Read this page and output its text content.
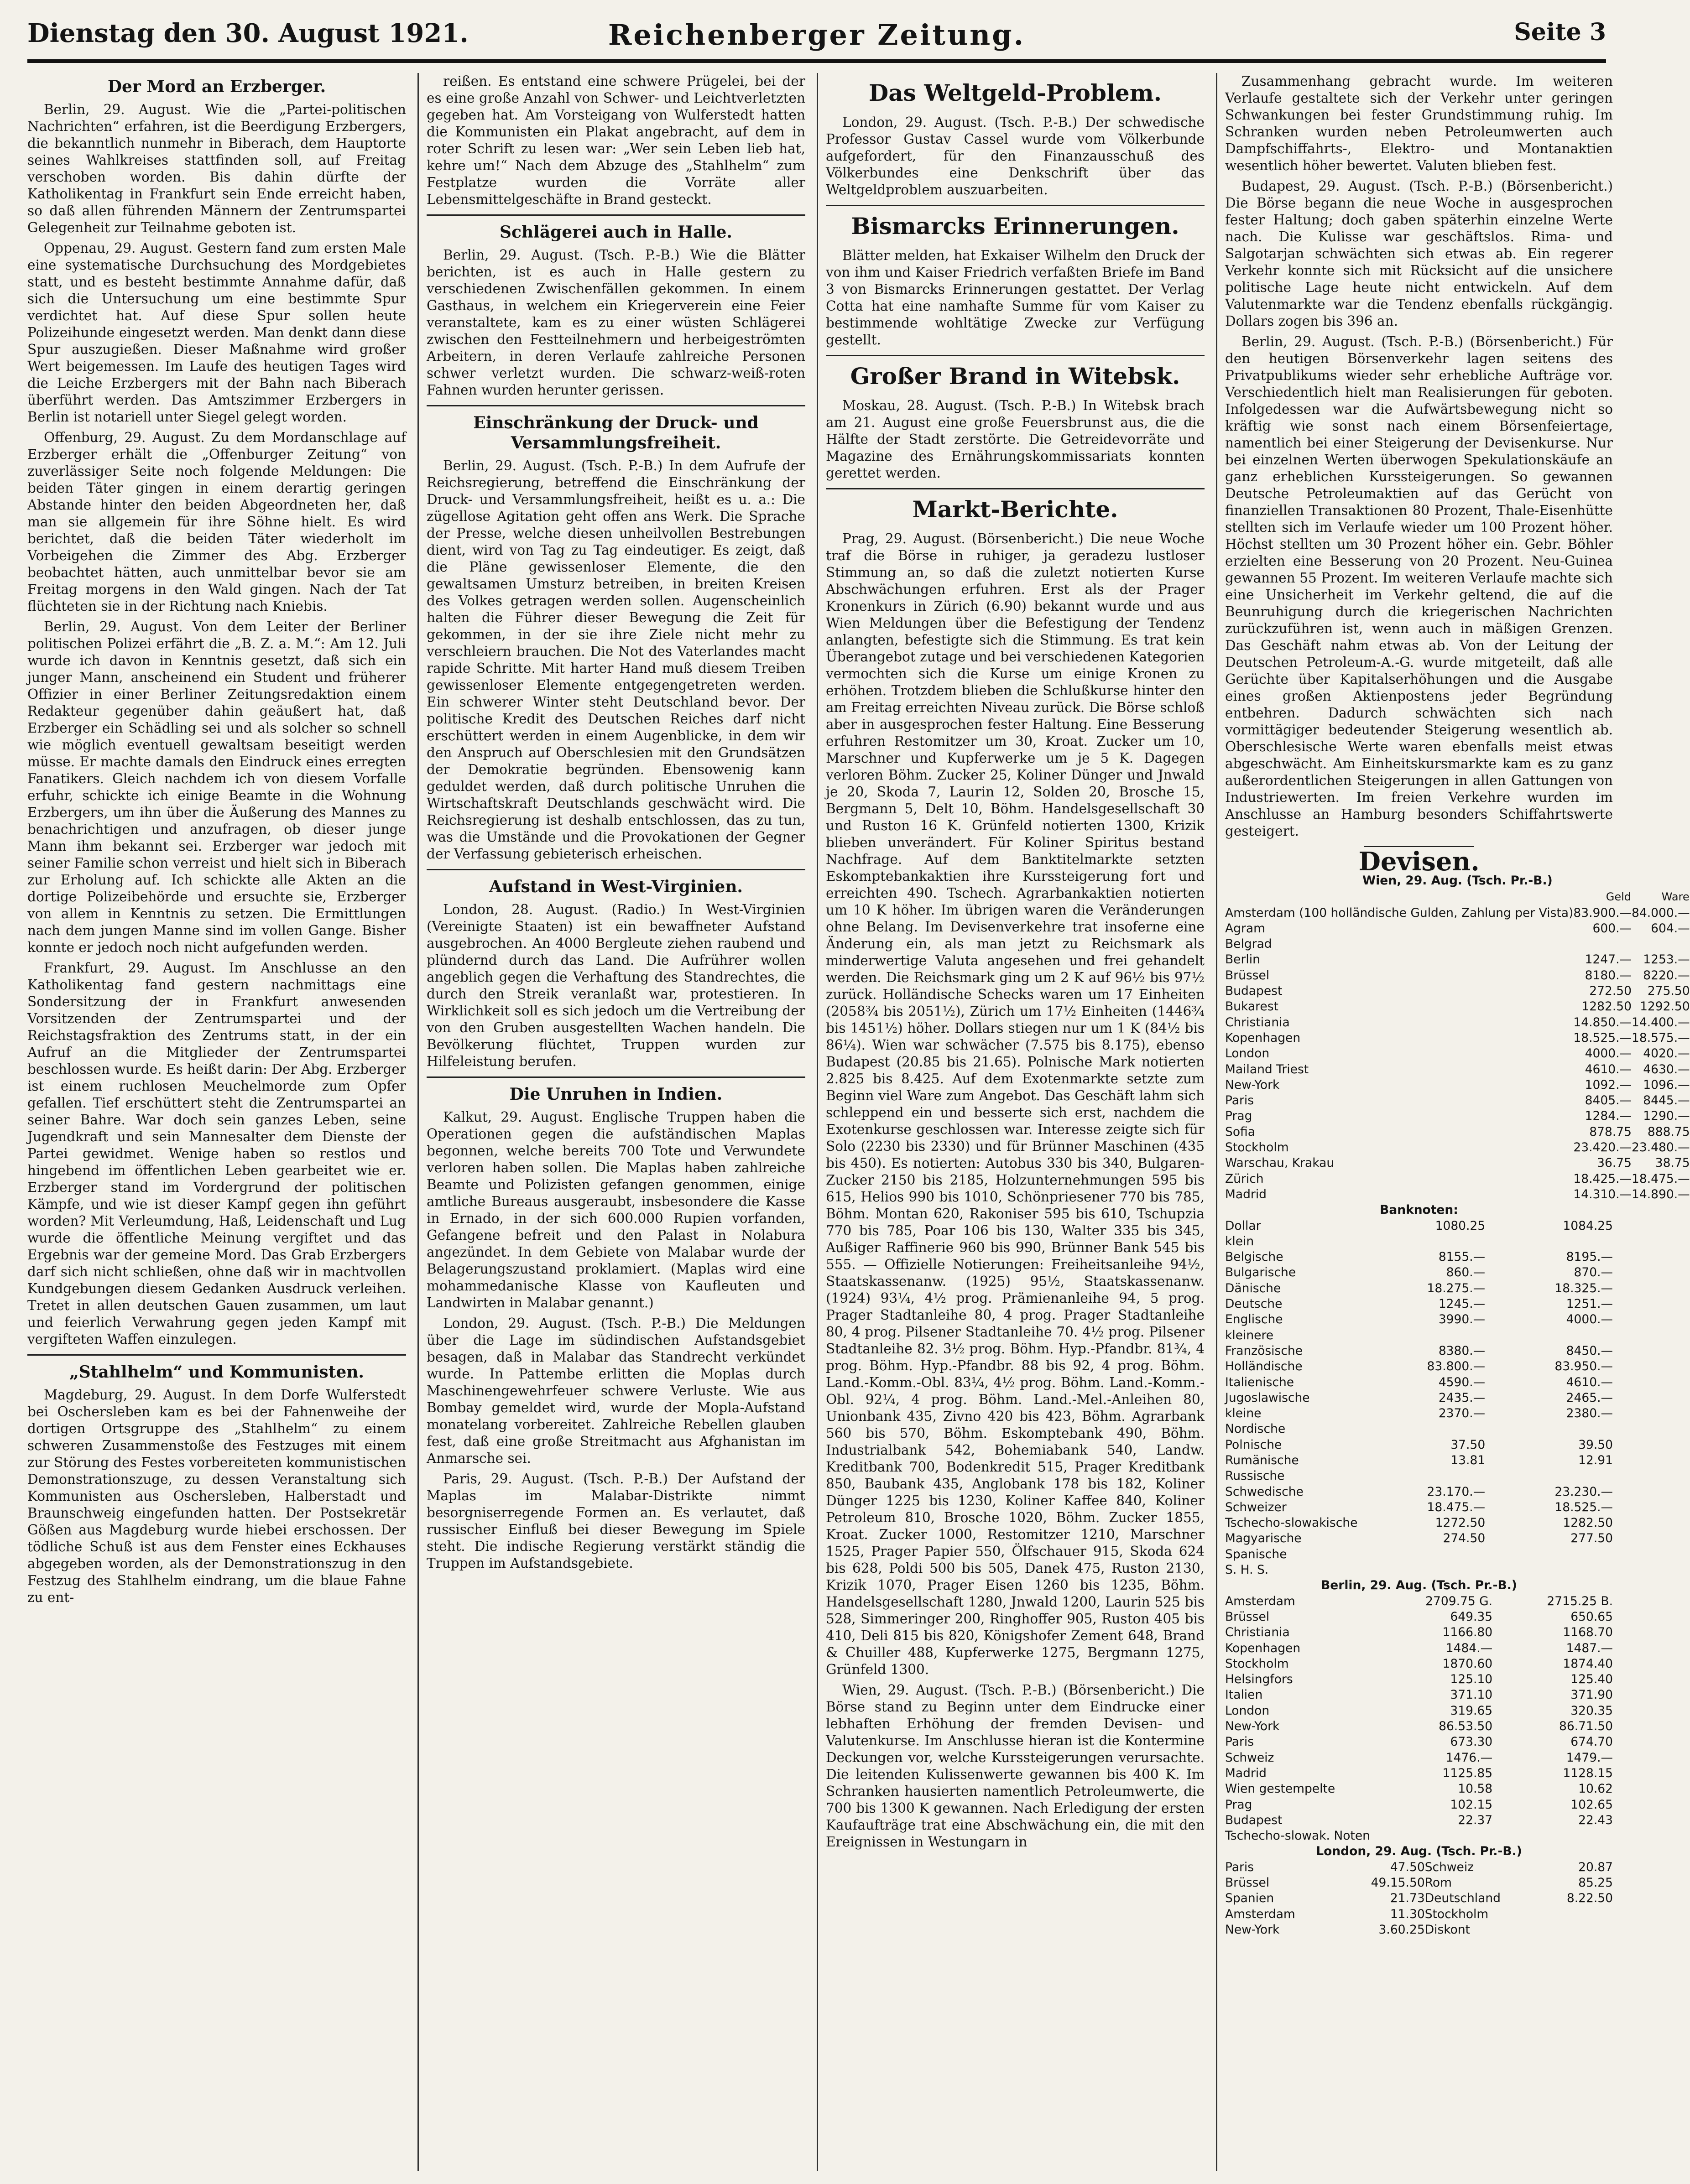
Dienstag den 30. August 1921.	Reichenberger Zeitung.	Seite 3
Der Mord an Erzberger.

Berlin, 29. August. Wie die „Partei-politischen Nachrichten“ erfahren, ist die Beerdigung Erzbergers, die bekanntlich nunmehr in Biberach, dem Hauptorte seines Wahlkreises stattfinden soll, auf Freitag verschoben worden. Bis dahin dürfte der Katholikentag in Frankfurt sein Ende erreicht haben, so daß allen führenden Männern der Zentrumspartei Gelegenheit zur Teilnahme geboten ist.

Oppenau, 29. August. Gestern fand zum ersten Male eine systematische Durchsuchung des Mordgebietes statt, und es besteht bestimmte Annahme dafür, daß sich die Untersuchung um eine bestimmte Spur verdichtet hat. Auf diese Spur sollen heute Polizeihunde eingesetzt werden. Man denkt dann diese Spur auszugießen. Dieser Maßnahme wird großer Wert beigemessen. Im Laufe des heutigen Tages wird die Leiche Erzbergers mit der Bahn nach Biberach überführt werden. Das Amtszimmer Erzbergers in Berlin ist notariell unter Siegel gelegt worden.

Offenburg, 29. August. Zu dem Mordanschlage auf Erzberger erhält die „Offenburger Zeitung“ von zuverlässiger Seite noch folgende Meldungen: Die beiden Täter gingen in einem derartig geringen Abstande hinter den beiden Abgeordneten her, daß man sie allgemein für ihre Söhne hielt. Es wird berichtet, daß die beiden Täter wiederholt im Vorbeigehen die Zimmer des Abg. Erzberger beobachtet hätten, auch unmittelbar bevor sie am Freitag morgens in den Wald gingen. Nach der Tat flüchteten sie in der Richtung nach Kniebis.

Berlin, 29. August. Von dem Leiter der Berliner politischen Polizei erfährt die „B. Z. a. M.“: Am 12. Juli wurde ich davon in Kenntnis gesetzt, daß sich ein junger Mann, anscheinend ein Student und früherer Offizier in einer Berliner Zeitungsredaktion einem Redakteur gegenüber dahin geäußert hat, daß Erzberger ein Schädling sei und als solcher so schnell wie möglich eventuell gewaltsam beseitigt werden müsse. Er machte damals den Eindruck eines erregten Fanatikers. Gleich nachdem ich von diesem Vorfalle erfuhr, schickte ich einige Beamte in die Wohnung Erzbergers, um ihn über die Äußerung des Mannes zu benachrichtigen und anzufragen, ob dieser junge Mann ihm bekannt sei. Erzberger war jedoch mit seiner Familie schon verreist und hielt sich in Biberach zur Erholung auf. Ich schickte alle Akten an die dortige Polizeibehörde und ersuchte sie, Erzberger von allem in Kenntnis zu setzen. Die Ermittlungen nach dem jungen Manne sind im vollen Gange. Bisher konnte er jedoch noch nicht aufgefunden werden.

Frankfurt, 29. August. Im Anschlusse an den Katholikentag fand gestern nachmittags eine Sondersitzung der in Frankfurt anwesenden Vorsitzenden der Zentrumspartei und der Reichstagsfraktion des Zentrums statt, in der ein Aufruf an die Mitglieder der Zentrumspartei beschlossen wurde. Es heißt darin: Der Abg. Erzberger ist einem ruchlosen Meuchelmorde zum Opfer gefallen. Tief erschüttert steht die Zentrumspartei an seiner Bahre. War doch sein ganzes Leben, seine Jugendkraft und sein Mannesalter dem Dienste der Partei gewidmet. Wenige haben so restlos und hingebend im öffentlichen Leben gearbeitet wie er. Erzberger stand im Vordergrund der politischen Kämpfe, und wie ist dieser Kampf gegen ihn geführt worden? Mit Verleumdung, Haß, Leidenschaft und Lug wurde die öffentliche Meinung vergiftet und das Ergebnis war der gemeine Mord. Das Grab Erzbergers darf sich nicht schließen, ohne daß wir in machtvollen Kundgebungen diesem Gedanken Ausdruck verleihen. Tretet in allen deutschen Gauen zusammen, um laut und feierlich Verwahrung gegen jeden Kampf mit vergifteten Waffen einzulegen.

„Stahlhelm“ und Kommunisten.

Magdeburg, 29. August. In dem Dorfe Wulferstedt bei Oschersleben kam es bei der Fahnenweihe der dortigen Ortsgruppe des „Stahlhelm“ zu einem schweren Zusammenstoße des Festzuges mit einem zur Störung des Festes vorbereiteten kommunistischen Demonstrationszuge, zu dessen Veranstaltung sich Kommunisten aus Oschersleben, Halberstadt und Braunschweig eingefunden hatten. Der Postsekretär Gößen aus Magdeburg wurde hiebei erschossen. Der tödliche Schuß ist aus dem Fenster eines Eckhauses abgegeben worden, als der Demonstrationszug in den Festzug des Stahlhelm eindrang, um die blaue Fahne zu ent-

reißen. Es entstand eine schwere Prügelei, bei der es eine große Anzahl von Schwer- und Leichtverletzten gegeben hat. Am Vorsteigang von Wulferstedt hatten die Kommunisten ein Plakat angebracht, auf dem in roter Schrift zu lesen war: „Wer sein Leben lieb hat, kehre um!“ Nach dem Abzuge des „Stahlhelm“ zum Festplatze wurden die Vorräte aller Lebensmittelgeschäfte in Brand gesteckt.

Schlägerei auch in Halle.

Berlin, 29. August. (Tsch. P.-B.) Wie die Blätter berichten, ist es auch in Halle gestern zu verschiedenen Zwischenfällen gekommen. In einem Gasthaus, in welchem ein Kriegerverein eine Feier veranstaltete, kam es zu einer wüsten Schlägerei zwischen den Festteilnehmern und herbeigeströmten Arbeitern, in deren Verlaufe zahlreiche Personen schwer verletzt wurden. Die schwarz-weiß-roten Fahnen wurden herunter gerissen.

Einschränkung der Druck- und Versammlungsfreiheit.

Berlin, 29. August. (Tsch. P.-B.) In dem Aufrufe der Reichsregierung, betreffend die Einschränkung der Druck- und Versammlungsfreiheit, heißt es u. a.: Die zügellose Agitation geht offen ans Werk. Die Sprache der Presse, welche diesen unheilvollen Bestrebungen dient, wird von Tag zu Tag eindeutiger. Es zeigt, daß die Pläne gewissenloser Elemente, die den gewaltsamen Umsturz betreiben, in breiten Kreisen des Volkes getragen werden sollen. Augenscheinlich halten die Führer dieser Bewegung die Zeit für gekommen, in der sie ihre Ziele nicht mehr zu verschleiern brauchen. Die Not des Vaterlandes macht rapide Schritte. Mit harter Hand muß diesem Treiben gewissenloser Elemente entgegengetreten werden. Ein schwerer Winter steht Deutschland bevor. Der politische Kredit des Deutschen Reiches darf nicht erschüttert werden in einem Augenblicke, in dem wir den Anspruch auf Oberschlesien mit den Grundsätzen der Demokratie begründen. Ebensowenig kann geduldet werden, daß durch politische Unruhen die Wirtschaftskraft Deutschlands geschwächt wird. Die Reichsregierung ist deshalb entschlossen, das zu tun, was die Umstände und die Provokationen der Gegner der Verfassung gebieterisch erheischen.

Aufstand in West-Virginien.

London, 28. August. (Radio.) In West-Virginien (Vereinigte Staaten) ist ein bewaffneter Aufstand ausgebrochen. An 4000 Bergleute ziehen raubend und plündernd durch das Land. Die Aufrührer wollen angeblich gegen die Verhaftung des Standrechtes, die durch den Streik veranlaßt war, protestieren. In Wirklichkeit soll es sich jedoch um die Vertreibung der von den Gruben ausgestellten Wachen handeln. Die Bevölkerung flüchtet, Truppen wurden zur Hilfeleistung berufen.

Die Unruhen in Indien.

Kalkut, 29. August. Englische Truppen haben die Operationen gegen die aufständischen Maplas begonnen, welche bereits 700 Tote und Verwundete verloren haben sollen. Die Maplas haben zahlreiche Beamte und Polizisten gefangen genommen, einige amtliche Bureaus ausgeraubt, insbesondere die Kasse in Ernado, in der sich 600.000 Rupien vorfanden, Gefangene befreit und den Palast in Nolabura angezündet. In dem Gebiete von Malabar wurde der Belagerungszustand proklamiert. (Maplas wird eine mohammedanische Klasse von Kaufleuten und Landwirten in Malabar genannt.)

London, 29. August. (Tsch. P.-B.) Die Meldungen über die Lage im südindischen Aufstandsgebiet besagen, daß in Malabar das Standrecht verkündet wurde. In Pattembe erlitten die Moplas durch Maschinengewehrfeuer schwere Verluste. Wie aus Bombay gemeldet wird, wurde der Mopla-Aufstand monatelang vorbereitet. Zahlreiche Rebellen glauben fest, daß eine große Streitmacht aus Afghanistan im Anmarsche sei.

Paris, 29. August. (Tsch. P.-B.) Der Aufstand der Maplas im Malabar-Distrikte nimmt besorgniserregende Formen an. Es verlautet, daß russischer Einfluß bei dieser Bewegung im Spiele steht. Die indische Regierung verstärkt ständig die Truppen im Aufstandsgebiete.

Das Weltgeld-Problem.

London, 29. August. (Tsch. P.-B.) Der schwedische Professor Gustav Cassel wurde vom Völkerbunde aufgefordert, für den Finanzausschuß des Völkerbundes eine Denkschrift über das Weltgeldproblem auszuarbeiten.

Bismarcks Erinnerungen.

Blätter melden, hat Exkaiser Wilhelm den Druck der von ihm und Kaiser Friedrich verfaßten Briefe im Band 3 von Bismarcks Erinnerungen gestattet. Der Verlag Cotta hat eine namhafte Summe für vom Kaiser zu bestimmende wohltätige Zwecke zur Verfügung gestellt.

Großer Brand in Witebsk.

Moskau, 28. August. (Tsch. P.-B.) In Witebsk brach am 21. August eine große Feuersbrunst aus, die die Hälfte der Stadt zerstörte. Die Getreidevorräte und Magazine des Ernährungskommissariats konnten gerettet werden.

Markt-Berichte.

Prag, 29. August. (Börsenbericht.) Die neue Woche traf die Börse in ruhiger, ja geradezu lustloser Stimmung an, so daß die zuletzt notierten Kurse Abschwächungen erfuhren. Erst als der Prager Kronenkurs in Zürich (6.90) bekannt wurde und aus Wien Meldungen über die Befestigung der Tendenz anlangten, befestigte sich die Stimmung. Es trat kein Überangebot zutage und bei verschiedenen Kategorien vermochten sich die Kurse um einige Kronen zu erhöhen. Trotzdem blieben die Schlußkurse hinter den am Freitag erreichten Niveau zurück. Die Börse schloß aber in ausgesprochen fester Haltung. Eine Besserung erfuhren Restomitzer um 30, Kroat. Zucker um 10, Marschner und Kupferwerke um je 5 K. Dagegen verloren Böhm. Zucker 25, Koliner Dünger und Jnwald je 20, Skoda 7, Laurin 12, Solden 20, Brosche 15, Bergmann 5, Delt 10, Böhm. Handelsgesellschaft 30 und Ruston 16 K. Grünfeld notierten 1300, Krizik blieben unverändert. Für Koliner Spiritus bestand Nachfrage. Auf dem Banktitelmarkte setzten Eskomptebankaktien ihre Kurssteigerung fort und erreichten 490. Tschech. Agrarbankaktien notierten um 10 K höher. Im übrigen waren die Veränderungen ohne Belang. Im Devisenverkehre trat insoferne eine Änderung ein, als man jetzt zu Reichsmark als minderwertige Valuta angesehen und frei gehandelt werden. Die Reichsmark ging um 2 K auf 96½ bis 97½ zurück. Holländische Schecks waren um 17 Einheiten (2058¾ bis 2051½), Zürich um 17½ Einheiten (1446¾ bis 1451½) höher. Dollars stiegen nur um 1 K (84½ bis 86¼). Wien war schwächer (7.575 bis 8.175), ebenso Budapest (20.85 bis 21.65). Polnische Mark notierten 2.825 bis 8.425. Auf dem Exotenmarkte setzte zum Beginn viel Ware zum Angebot. Das Geschäft lahm sich schleppend ein und besserte sich erst, nachdem die Exotenkurse geschlossen war. Interesse zeigte sich für Solo (2230 bis 2330) und für Brünner Maschinen (435 bis 450). Es notierten: Autobus 330 bis 340, Bulgaren-Zucker 2150 bis 2185, Holzunternehmungen 595 bis 615, Helios 990 bis 1010, Schönpriesener 770 bis 785, Böhm. Montan 620, Rakoniser 595 bis 610, Tschupzia 770 bis 785, Poar 106 bis 130, Walter 335 bis 345, Außiger Raffinerie 960 bis 990, Brünner Bank 545 bis 555. — Offizielle Notierungen: Freiheitsanleihe 94½, Staatskassenanw. (1925) 95½, Staatskassenanw. (1924) 93¼, 4½ prog. Prämienanleihe 94, 5 prog. Prager Stadtanleihe 80, 4 prog. Prager Stadtanleihe 80, 4 prog. Pilsener Stadtanleihe 70. 4½ prog. Pilsener Stadtanleihe 82. 3½ prog. Böhm. Hyp.-Pfandbr. 81¾, 4 prog. Böhm. Hyp.-Pfandbr. 88 bis 92, 4 prog. Böhm. Land.-Komm.-Obl. 83¼, 4½ prog. Böhm. Land.-Komm.-Obl. 92¼, 4 prog. Böhm. Land.-Mel.-Anleihen 80, Unionbank 435, Zivno 420 bis 423, Böhm. Agrarbank 560 bis 570, Böhm. Eskomptebank 490, Böhm. Industrialbank 542, Bohemiabank 540, Landw. Kreditbank 700, Bodenkredit 515, Prager Kreditbank 850, Baubank 435, Anglobank 178 bis 182, Koliner Dünger 1225 bis 1230, Koliner Kaffee 840, Koliner Petroleum 810, Brosche 1020, Böhm. Zucker 1855, Kroat. Zucker 1000, Restomitzer 1210, Marschner 1525, Prager Papier 550, Ölfschauer 915, Skoda 624 bis 628, Poldi 500 bis 505, Danek 475, Ruston 2130, Krizik 1070, Prager Eisen 1260 bis 1235, Böhm. Handelsgesellschaft 1280, Jnwald 1200, Laurin 525 bis 528, Simmeringer 200, Ringhoffer 905, Ruston 405 bis 410, Deli 815 bis 820, Königshofer Zement 648, Brand & Chuiller 488, Kupferwerke 1275, Bergmann 1275, Grünfeld 1300.

Wien, 29. August. (Tsch. P.-B.) (Börsenbericht.) Die Börse stand zu Beginn unter dem Eindrucke einer lebhaften Erhöhung der fremden Devisen- und Valutenkurse. Im Anschlusse hieran ist die Kontermine Deckungen vor, welche Kurssteigerungen verursachte. Die leitenden Kulissenwerte gewannen bis 400 K. Im Schranken hausierten namentlich Petroleumwerte, die 700 bis 1300 K gewannen. Nach Erledigung der ersten Kaufaufträge trat eine Abschwächung ein, die mit den Ereignissen in Westungarn in

Zusammenhang gebracht wurde. Im weiteren Verlaufe gestaltete sich der Verkehr unter geringen Schwankungen bei fester Grundstimmung ruhig. Im Schranken wurden neben Petroleumwerten auch Dampfschiffahrts-, Elektro- und Montanaktien wesentlich höher bewertet. Valuten blieben fest.

Budapest, 29. August. (Tsch. P.-B.) (Börsenbericht.) Die Börse begann die neue Woche in ausgesprochen fester Haltung; doch gaben späterhin einzelne Werte nach. Die Kulisse war geschäftslos. Rima- und Salgotarjan schwächten sich etwas ab. Ein regerer Verkehr konnte sich mit Rücksicht auf die unsichere politische Lage heute nicht entwickeln. Auf dem Valutenmarkte war die Tendenz ebenfalls rückgängig. Dollars zogen bis 396 an.

Berlin, 29. August. (Tsch. P.-B.) (Börsenbericht.) Für den heutigen Börsenverkehr lagen seitens des Privatpublikums wieder sehr erhebliche Aufträge vor. Verschiedentlich hielt man Realisierungen für geboten. Infolgedessen war die Aufwärtsbewegung nicht so kräftig wie sonst nach einem Börsenfeiertage, namentlich bei einer Steigerung der Devisenkurse. Nur bei einzelnen Werten überwogen Spekulationskäufe an ganz erheblichen Kurssteigerungen. So gewannen Deutsche Petroleumaktien auf das Gerücht von finanziellen Transaktionen 80 Prozent, Thale-Eisenhütte stellten sich im Verlaufe wieder um 100 Prozent höher. Höchst stellten um 30 Prozent höher ein. Gebr. Böhler erzielten eine Besserung von 20 Prozent. Neu-Guinea gewannen 55 Prozent. Im weiteren Verlaufe machte sich eine Unsicherheit im Verkehr geltend, die auf die Beunruhigung durch die kriegerischen Nachrichten zurückzuführen ist, wenn auch in mäßigen Grenzen. Das Geschäft nahm etwas ab. Von der Leitung der Deutschen Petroleum-A.-G. wurde mitgeteilt, daß alle Gerüchte über Kapitalserhöhungen und die Ausgabe eines großen Aktienpostens jeder Begründung entbehren. Dadurch schwächten sich nach vormittägiger bedeutender Steigerung wesentlich ab. Oberschlesische Werte waren ebenfalls meist etwas abgeschwächt. Am Einheitskursmarkte kam es zu ganz außerordentlichen Steigerungen in allen Gattungen von Industriewerten. Im freien Verkehre wurden im Anschlusse an Hamburg besonders Schiffahrtswerte gesteigert.

Devisen.
Wien, 29. Aug. (Tsch. Pr.-B.)		
	Geld	Ware
Amsterdam (100 holländische Gulden, Zahlung per Vista)	83.900.—	84.000.—
Agram	600.—	604.—
Belgrad		
Berlin	1247.—	1253.—
Brüssel	8180.—	8220.—
Budapest	272.50	275.50
Bukarest	1282.50	1292.50
Christiania	14.850.—	14.400.—
Kopenhagen	18.525.—	18.575.—
London	4000.—	4020.—
Mailand Triest	4610.—	4630.—
New-York	1092.—	1096.—
Paris	8405.—	8445.—
Prag	1284.—	1290.—
Sofia	878.75	888.75
Stockholm	23.420.—	23.480.—
Warschau, Krakau	36.75	38.75
Zürich	18.425.—	18.475.—
Madrid	14.310.—	14.890.—
Banknoten:		
Dollar	1080.25	1084.25
klein		
Belgische	8155.—	8195.—
Bulgarische	860.—	870.—
Dänische	18.275.—	18.325.—
Deutsche	1245.—	1251.—
Englische	3990.—	4000.—
kleinere		
Französische	8380.—	8450.—
Holländische	83.800.—	83.950.—
Italienische	4590.—	4610.—
Jugoslawische	2435.—	2465.—
kleine	2370.—	2380.—
Nordische		
Polnische	37.50	39.50
Rumänische	13.81	12.91
Russische		
Schwedische	23.170.—	23.230.—
Schweizer	18.475.—	18.525.—
Tschecho-slowakische	1272.50	1282.50
Magyarische	274.50	277.50
Spanische		
S. H. S.		
Berlin, 29. Aug. (Tsch. Pr.-B.)		
Amsterdam	2709.75 G.	2715.25 B.
Brüssel	649.35	650.65
Christiania	1166.80	1168.70
Kopenhagen	1484.—	1487.—
Stockholm	1870.60	1874.40
Helsingfors	125.10	125.40
Italien	371.10	371.90
London	319.65	320.35
New-York	86.53.50	86.71.50
Paris	673.30	674.70
Schweiz	1476.—	1479.—
Madrid	1125.85	1128.15
Wien gestempelte	10.58	10.62
Prag	102.15	102.65
Budapest	22.37	22.43
Tschecho-slowak. Noten		
London, 29. Aug. (Tsch. Pr.-B.)			
Paris	47.50	Schweiz	20.87
Brüssel	49.15.50	Rom	85.25
Spanien	21.73	Deutschland	8.22.50
Amsterdam	11.30	Stockholm	
New-York	3.60.25	Diskont	
